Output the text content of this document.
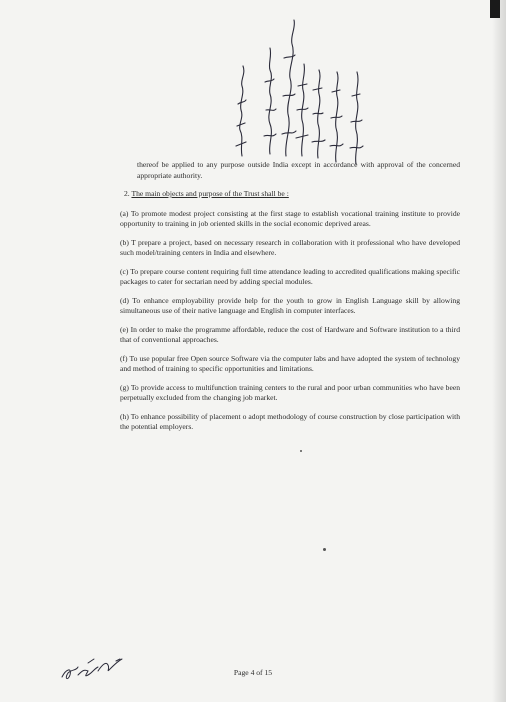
thereof be applied to any purpose outside India except in accordance with approval of the concerned appropriate authority.

2. The main objects and purpose of the Trust shall be :

(a) To promote modest project consisting at the first stage to establish vocational training institute to provide opportunity to training in job oriented skills in the social economic deprived areas.

(b) T prepare a project, based on necessary research in collaboration with it professional who have developed such model/training centers in India and elsewhere.

(c) To prepare course content requiring full time attendance leading to accredited qualifications making specific packages to cater for sectarian need by adding special modules.

(d) To enhance employability provide help for the youth to grow in English Language skill by allowing simultaneous use of their native language and English in computer interfaces.

(e) In order to make the programme affordable, reduce the cost of Hardware and Software institution to a third that of conventional approaches.

(f) To use popular free Open source Software via the computer labs and have adopted the system of technology and method of training to specific opportunities and limitations.

(g) To provide access to multifunction training centers to the rural and poor urban communities who have been perpetually excluded from the changing job market.

(h) To enhance possibility of placement o adopt methodology of course construction by close participation with the potential employers.

Page 4 of 15
